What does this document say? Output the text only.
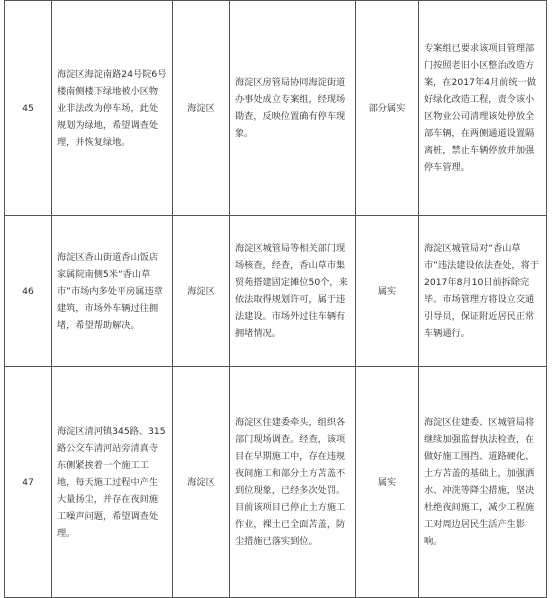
45	海淀区海淀南路24号院6号楼南侧楼下绿地被小区物业非法改为停车场，此处规划为绿地，希望调查处理，并恢复绿地。	海淀区	海淀区房管局协同海淀街道办事处成立专案组，经现场勘查，反映位置确有停车现象。	部分属实	专案组已要求该项目管理部门按照老旧小区整治改造方案，在2017年4月前统一做好绿化改造工程，责令该小区物业公司清理该处停放全部车辆，在两侧通道设置隔离桩，禁止车辆停放并加强停车管理。
46	海淀区香山街道香山饭店家属院南侧5米“香山草市”市场内多处平房属违章建筑，市场外车辆过往拥堵，希望帮助解决。	海淀区	海淀区城管局等相关部门现场核查，经查，香山草市集贸苑搭建固定摊位50个，来依法取得规划许可，属于违法建设。市场外过往车辆有拥堵情况。	属实	海淀区城管局对“香山草市”违法建设依法查处，将于2017年8月10日前拆除完毕。市场管理方将设立交通引导员，保证附近居民正常车辆通行。
47	海淀区清河镇345路、315路公交车清河站旁清真寺东侧紧挨着一个施工工地，每天施工过程中产生大量扬尘，并存在夜间施工噪声问题，希望调查处理。	海淀区	海淀区住建委牵头，组织各部门现场调查。经查，该项目在早期施工中，存在违规夜间施工和部分土方苫盖不到位现象，已经多次处罚。目前该项目已停止土方施工作业，裸土已全面苫盖，防尘措施已落实到位。	属实	海淀区住建委、区城管局将继续加强监督执法检查，在做好施工围挡、道路硬化、土方苫盖的基础上，加强洒水、冲洗等降尘措施，坚决杜绝夜间施工，减少工程施工对周边居民生活产生影响。
